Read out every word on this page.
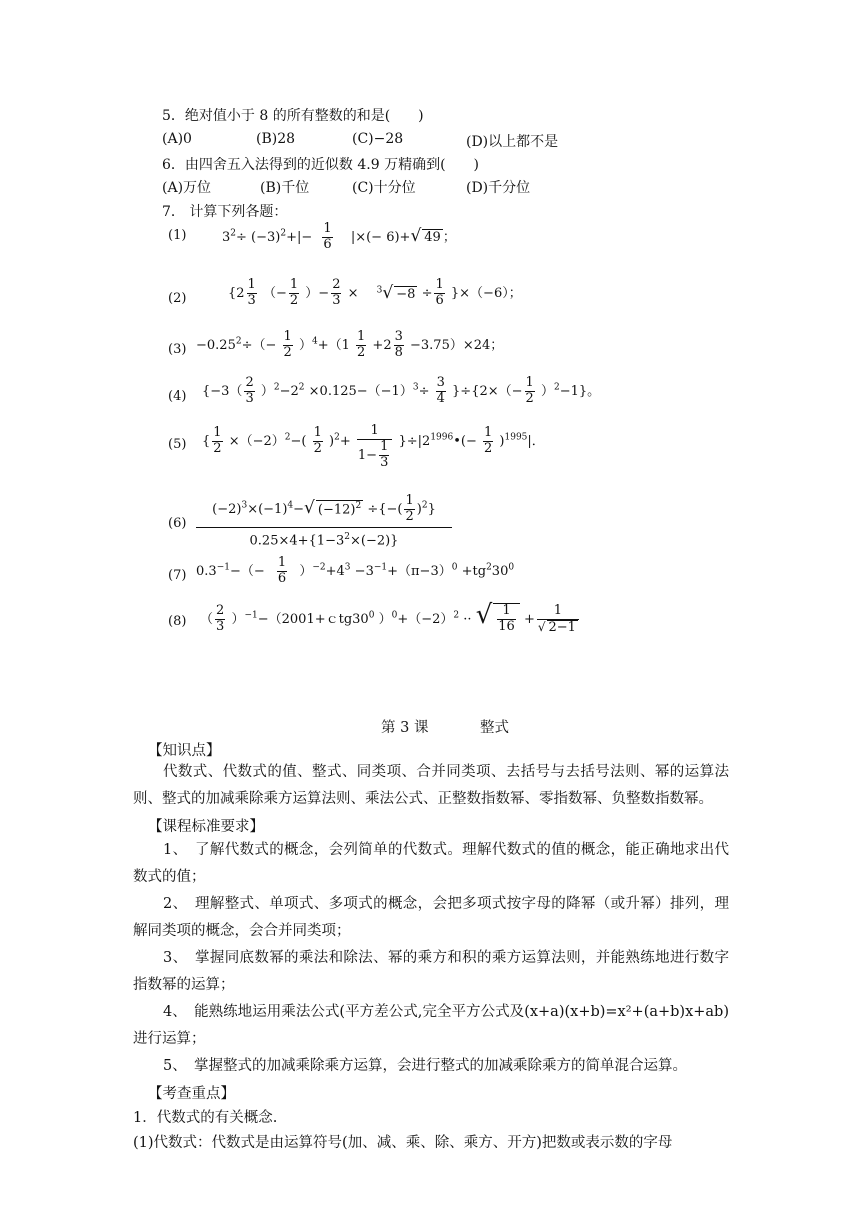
5．绝对值小于 8 的所有整数的和是(　　)
(A)0	(B)28	(C)−28	(D)以上都不是
6．由四舍五入法得到的近似数 4.9 万精确到(　　)
(A)万位	(B)千位	(C)十分位	(D)千分位
7． 计算下列各题：
(1)	$3^2\div (-3)^2+|- \frac{1}{6}$ |×(− 6)+√ 49 ；
(2)	{$2 \frac{1}{3}$ （− $\frac{1}{2}$ ）− $\frac{2}{3} \times ^3√ -8 \div \frac{1}{6} \}\times(-6)$；
$(3) -0.25^2\div(- \frac{1}{2} )^4+(1 \frac{1}{2} +2 \frac{3}{8} -3.75)\times 24$；
(4) $\{-3( \frac{2}{3} )^2-2^2 \times 0.125-(-1)^3\div \frac{3}{4} \}\div\{2\times(- \frac{1}{2} )^2-1\}$。
(5) { $\frac{1}{2} \times(-2)^2-( \frac{1}{2} )^2+ \frac{1}{1- \frac{1}{3}}$ }$\div|2^{1996}•(- \frac{1}{2} )^{1995}|$．
(6)
$(-2)^3\times(-1)^4-√$ $(-12)^2$ ÷{−( $\frac{1}{2} )^2$}
$0.25\times 4+\{1-3^2\times(-2)\}$
(7) $0.3^{-1}-(- \frac{1}{6} )^{-2}+4^3 -3^{-1}+(\pi-3)^0 +tg^230^0$
(8) （ $\frac{2}{3}$ ）$^{-1}-(2001+ctg30^0$ ）$^0+(-2)^2$ ·· √ $\frac{1}{16} + \frac{1}{√ 2-1}$
第 3 课	整式
【知识点】
代数式、代数式的值、整式、同类项、合并同类项、去括号与去括号法则、幂的运算法则、整式的加减乘除乘方运算法则、乘法公式、正整数指数幂、零指数幂、负整数指数幂。
【课程标准要求】
1、　了解代数式的概念，会列简单的代数式。理解代数式的值的概念，能正确地求出代数式的值；
2、　理解整式、单项式、多项式的概念，会把多项式按字母的降幂（或升幂）排列，理解同类项的概念，会合并同类项；
3、　掌握同底数幂的乘法和除法、幂的乘方和积的乘方运算法则，并能熟练地进行数字指数幂的运算；
4、　能熟练地运用乘法公式(平方差公式,完全平方公式及(x+a)(x+b)=x²+(a+b)x+ab)进行运算；
5、　掌握整式的加减乘除乘方运算，会进行整式的加减乘除乘方的简单混合运算。
【考查重点】
1．代数式的有关概念.
(1)代数式：代数式是由运算符号(加、减、乘、除、乘方、开方)把数或表示数的字母
